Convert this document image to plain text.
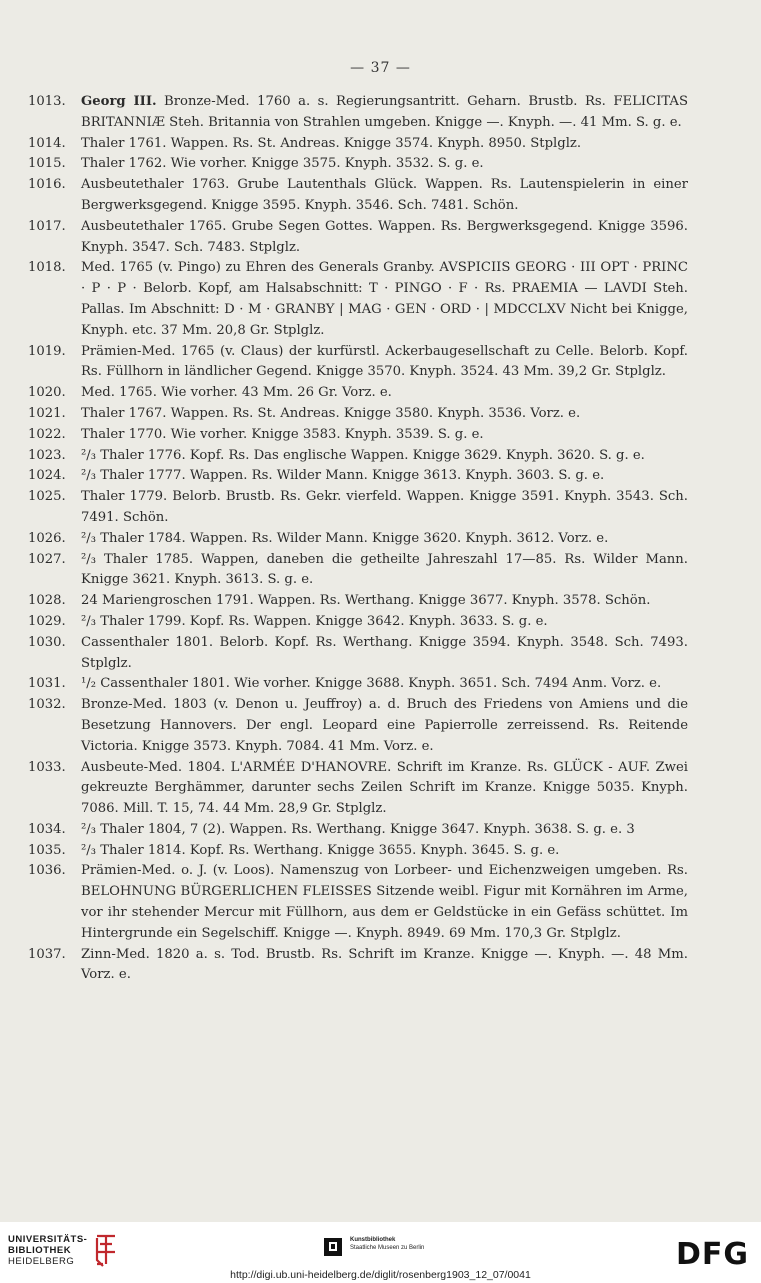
— 37 —
1013.	Georg III. Bronze-Med. 1760 a. s. Regierungsantritt. Geharn. Brustb. Rs. FELICITAS BRITANNIÆ Steh. Britannia von Strahlen umgeben. Knigge —. Knyph. —. 41 Mm. S. g. e.
1014.	Thaler 1761. Wappen. Rs. St. Andreas. Knigge 3574. Knyph. 8950. Stplglz.
1015.	Thaler 1762. Wie vorher. Knigge 3575. Knyph. 3532. S. g. e.
1016.	Ausbeutethaler 1763. Grube Lautenthals Glück. Wappen. Rs. Lautenspielerin in einer Bergwerksgegend. Knigge 3595. Knyph. 3546. Sch. 7481. Schön.
1017.	Ausbeutethaler 1765. Grube Segen Gottes. Wappen. Rs. Bergwerksgegend. Knigge 3596. Knyph. 3547. Sch. 7483. Stplglz.
1018.	Med. 1765 (v. Pingo) zu Ehren des Generals Granby. AVSPICIIS GEORG · III OPT · PRINC · P · P · Belorb. Kopf, am Halsabschnitt: T · PINGO · F · Rs. PRAEMIA — LAVDI Steh. Pallas. Im Abschnitt: D · M · GRANBY | MAG · GEN · ORD · | MDCCLXV Nicht bei Knigge, Knyph. etc. 37 Mm. 20,8 Gr. Stplglz.
1019.	Prämien-Med. 1765 (v. Claus) der kurfürstl. Ackerbaugesellschaft zu Celle. Belorb. Kopf. Rs. Füllhorn in ländlicher Gegend. Knigge 3570. Knyph. 3524. 43 Mm. 39,2 Gr. Stplglz.
1020.	Med. 1765. Wie vorher. 43 Mm. 26 Gr. Vorz. e.
1021.	Thaler 1767. Wappen. Rs. St. Andreas. Knigge 3580. Knyph. 3536. Vorz. e.
1022.	Thaler 1770. Wie vorher. Knigge 3583. Knyph. 3539. S. g. e.
1023.	²/₃ Thaler 1776. Kopf. Rs. Das englische Wappen. Knigge 3629. Knyph. 3620. S. g. e.
1024.	²/₃ Thaler 1777. Wappen. Rs. Wilder Mann. Knigge 3613. Knyph. 3603. S. g. e.
1025.	Thaler 1779. Belorb. Brustb. Rs. Gekr. vierfeld. Wappen. Knigge 3591. Knyph. 3543. Sch. 7491. Schön.
1026.	²/₃ Thaler 1784. Wappen. Rs. Wilder Mann. Knigge 3620. Knyph. 3612. Vorz. e.
1027.	²/₃ Thaler 1785. Wappen, daneben die getheilte Jahreszahl 17—85. Rs. Wilder Mann. Knigge 3621. Knyph. 3613. S. g. e.
1028.	24 Mariengroschen 1791. Wappen. Rs. Werthang. Knigge 3677. Knyph. 3578. Schön.
1029.	²/₃ Thaler 1799. Kopf. Rs. Wappen. Knigge 3642. Knyph. 3633. S. g. e.
1030.	Cassenthaler 1801. Belorb. Kopf. Rs. Werthang. Knigge 3594. Knyph. 3548. Sch. 7493. Stplglz.
1031.	¹/₂ Cassenthaler 1801. Wie vorher. Knigge 3688. Knyph. 3651. Sch. 7494 Anm. Vorz. e.
1032.	Bronze-Med. 1803 (v. Denon u. Jeuffroy) a. d. Bruch des Friedens von Amiens und die Besetzung Hannovers. Der engl. Leopard eine Papierrolle zerreissend. Rs. Reitende Victoria. Knigge 3573. Knyph. 7084. 41 Mm. Vorz. e.
1033.	Ausbeute-Med. 1804. L'ARMÉE D'HANOVRE. Schrift im Kranze. Rs. GLÜCK - AUF. Zwei gekreuzte Berghämmer, darunter sechs Zeilen Schrift im Kranze. Knigge 5035. Knyph. 7086. Mill. T. 15, 74. 44 Mm. 28,9 Gr. Stplglz.
1034.	²/₃ Thaler 1804, 7 (2). Wappen. Rs. Werthang. Knigge 3647. Knyph. 3638. S. g. e. 3
1035.	²/₃ Thaler 1814. Kopf. Rs. Werthang. Knigge 3655. Knyph. 3645. S. g. e.
1036.	Prämien-Med. o. J. (v. Loos). Namenszug von Lorbeer- und Eichenzweigen umgeben. Rs. BELOHNUNG BÜRGERLICHEN FLEISSES Sitzende weibl. Figur mit Kornähren im Arme, vor ihr stehender Mercur mit Füllhorn, aus dem er Geldstücke in ein Gefäss schüttet. Im Hintergrunde ein Segelschiff. Knigge —. Knyph. 8949. 69 Mm. 170,3 Gr. Stplglz.
1037.	Zinn-Med. 1820 a. s. Tod. Brustb. Rs. Schrift im Kranze. Knigge —. Knyph. —. 48 Mm. Vorz. e.
UNIVERSITÄTS-
BIBLIOTHEK
HEIDELBERG
Kunstbibliothek
Staatliche Museen zu Berlin	DFG
http://digi.ub.uni-heidelberg.de/diglit/rosenberg1903_12_07/0041
